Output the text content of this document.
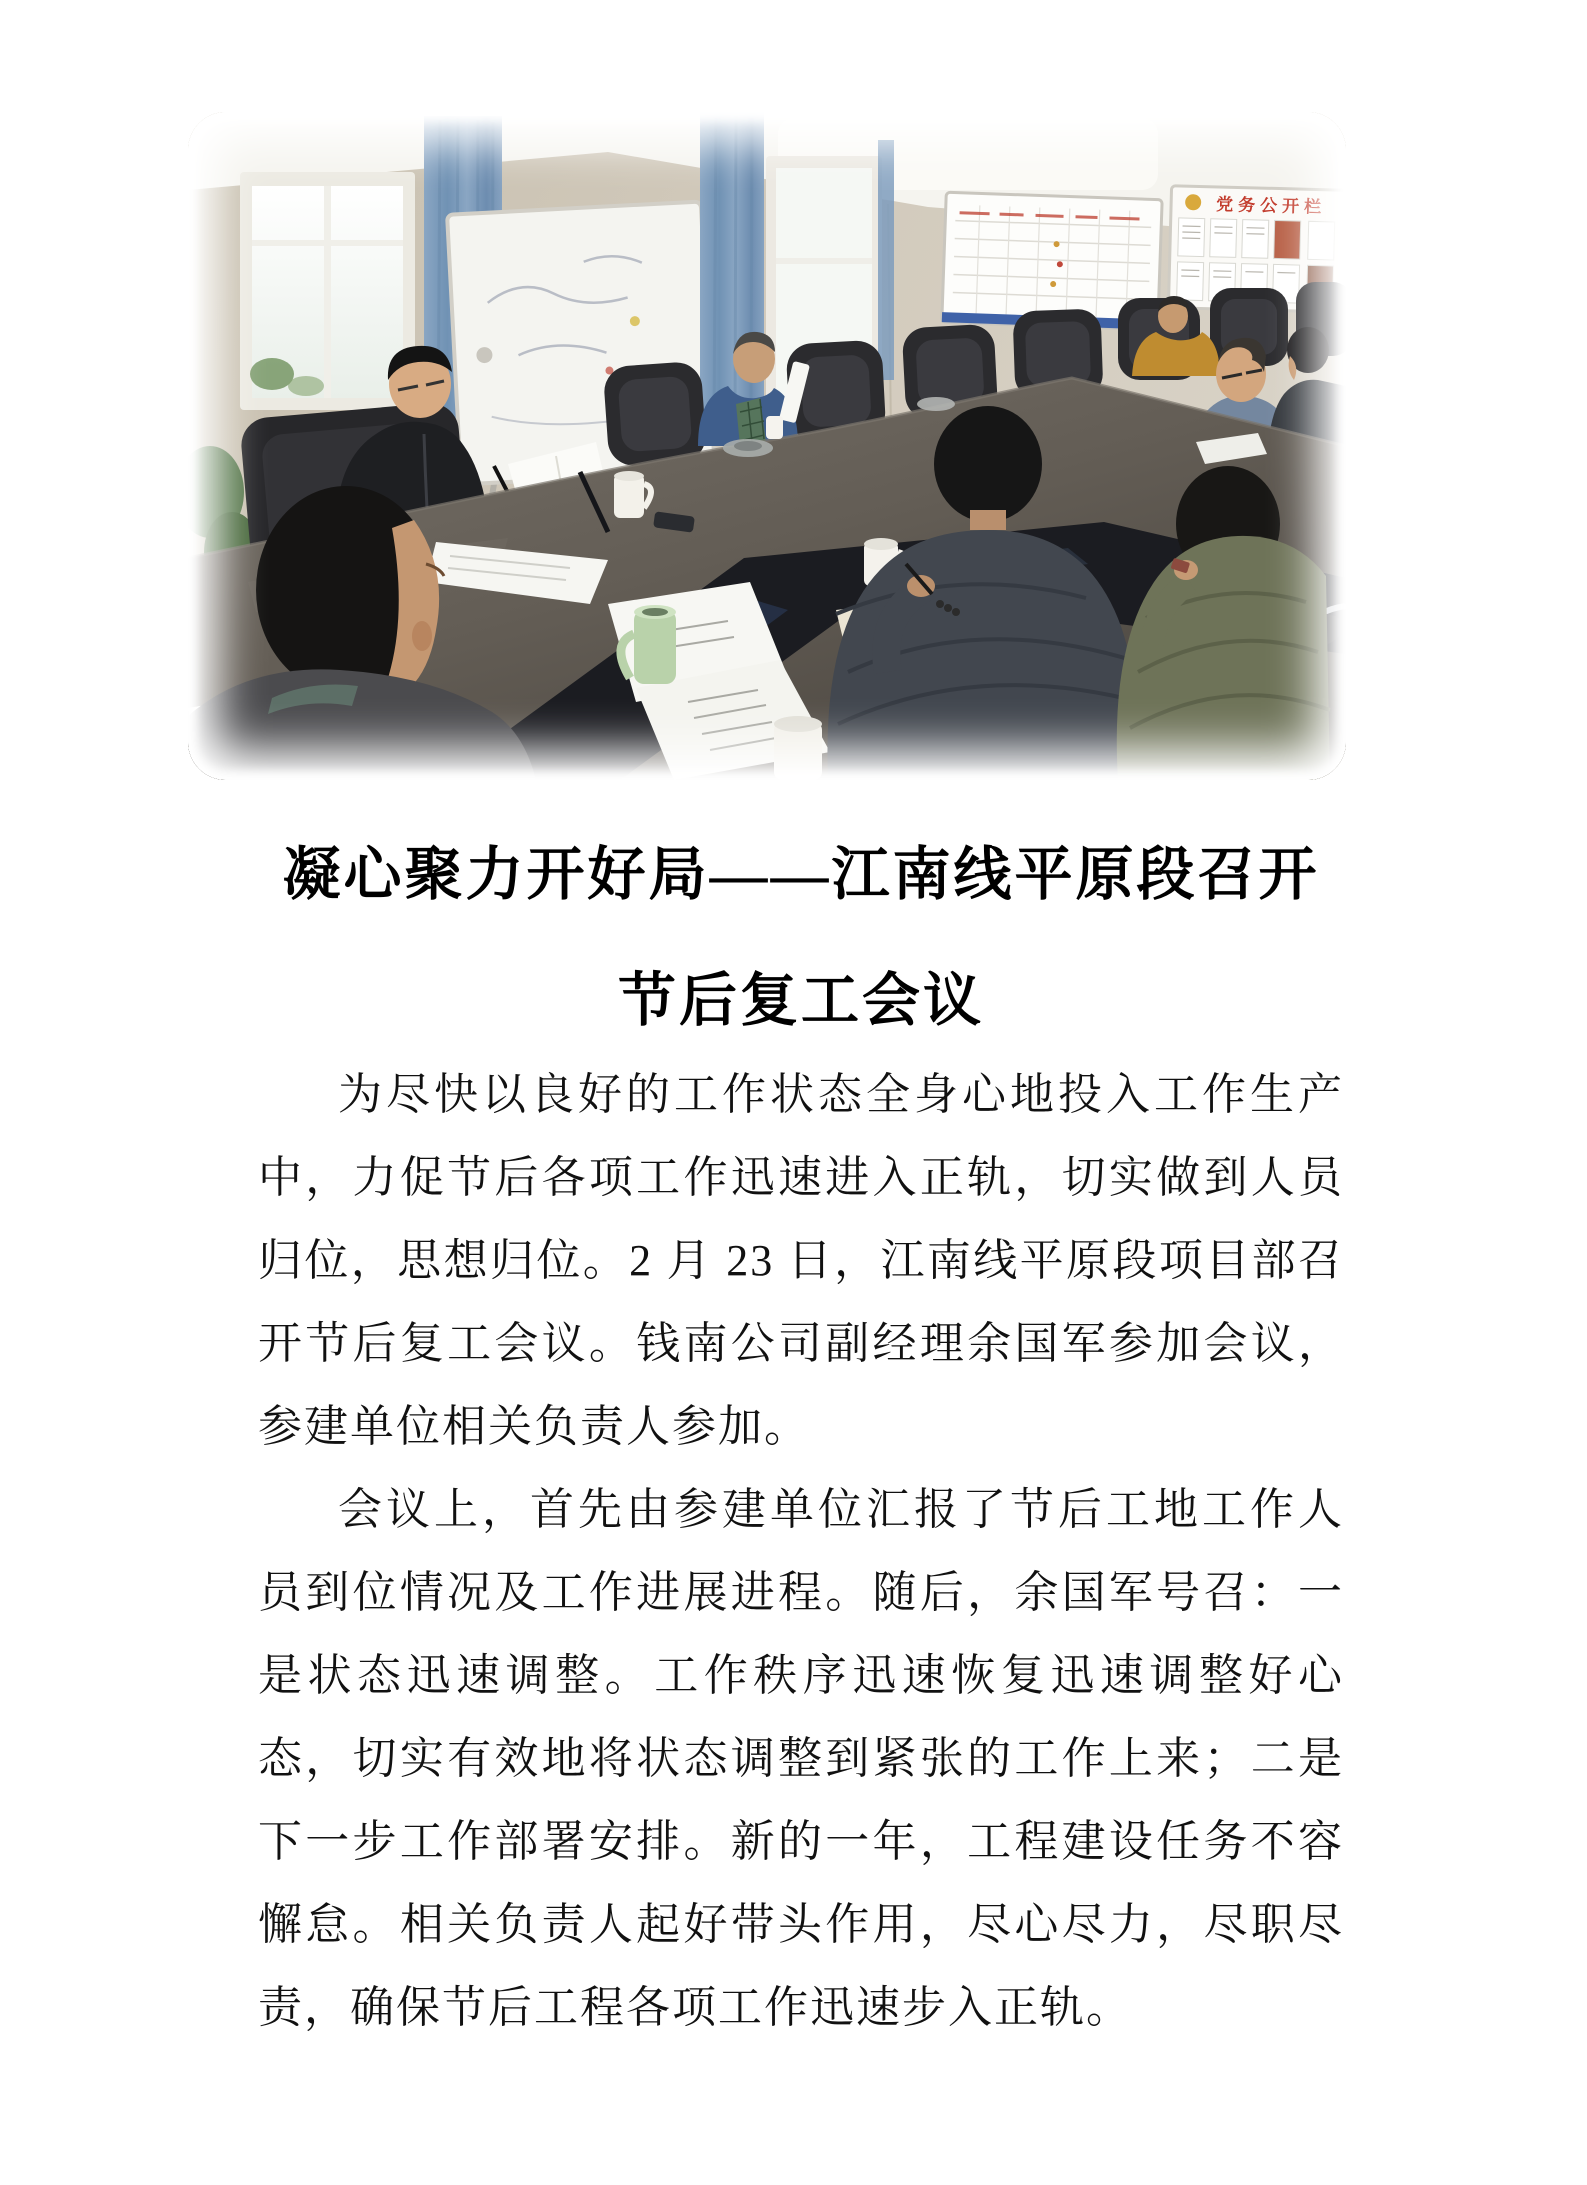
党务公开栏
凝心聚力开好局——江南线平原段召开
节后复工会议

为尽快以良好的工作状态全身心地投入工作生产中，力促节后各项工作迅速进入正轨，切实做到人员归位，思想归位。2 月 23 日，江南线平原段项目部召开节后复工会议。钱南公司副经理余国军参加会议，参建单位相关负责人参加。

会议上，首先由参建单位汇报了节后工地工作人员到位情况及工作进展进程。随后，余国军号召：一是状态迅速调整。工作秩序迅速恢复迅速调整好心态，切实有效地将状态调整到紧张的工作上来；二是下一步工作部署安排。新的一年，工程建设任务不容懈怠。相关负责人起好带头作用，尽心尽力，尽职尽责，确保节后工程各项工作迅速步入正轨。
